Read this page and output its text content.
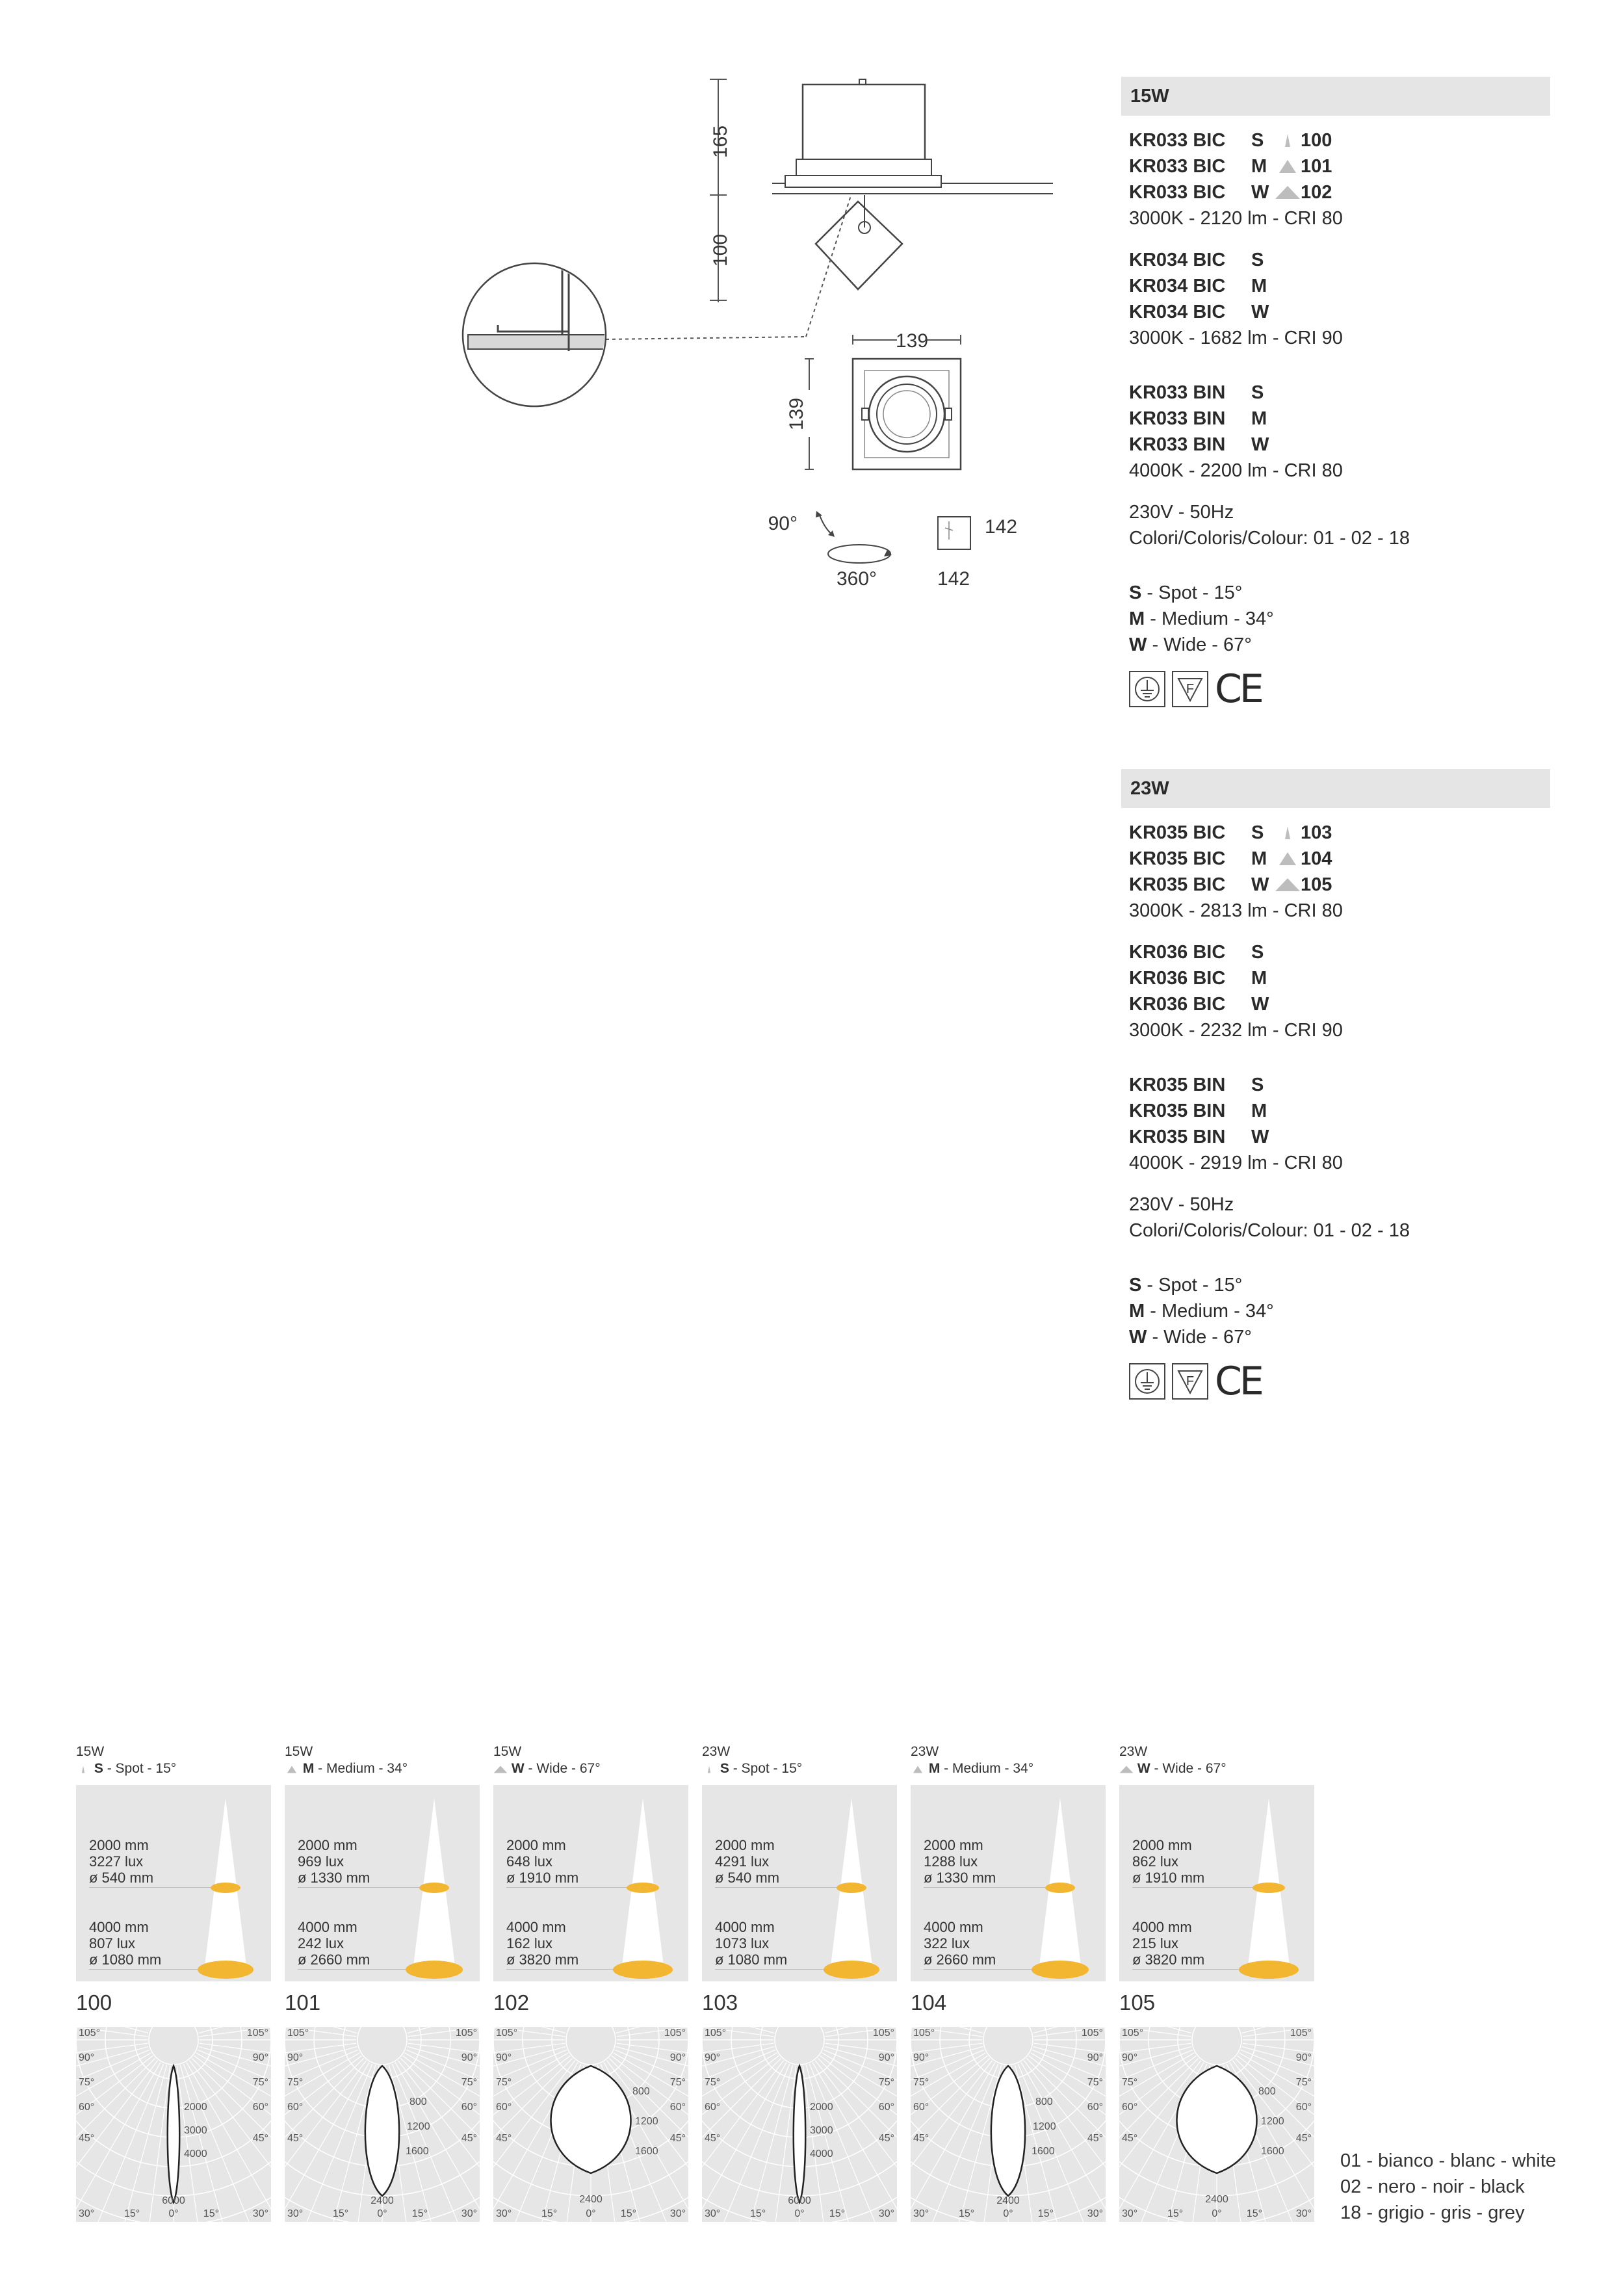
165
100
139
139
90°
360°
142
142
15W
KR033 BIC S 100
KR033 BIC M 101
KR033 BIC W 102
3000K - 2120 lm - CRI 80
KR034 BIC S
KR034 BIC M
KR034 BIC W
3000K - 1682 lm - CRI 90
KR033 BIN S
KR033 BIN M
KR033 BIN W
4000K - 2200 lm - CRI 80
230V - 50Hz
Colori/Coloris/Colour: 01 - 02 - 18
S - Spot - 15°
M - Medium - 34°
W - Wide - 67°
F CE
23W
KR035 BIC S 103
KR035 BIC M 104
KR035 BIC W 105
3000K - 2813 lm - CRI 80
KR036 BIC S
KR036 BIC M
KR036 BIC W
3000K - 2232 lm - CRI 90
KR035 BIN S
KR035 BIN M
KR035 BIN W
4000K - 2919 lm - CRI 80
230V - 50Hz
Colori/Coloris/Colour: 01 - 02 - 18
S - Spot - 15°
M - Medium - 34°
W - Wide - 67°
F CE
15W
S - Spot - 15°
2000 mm
3227 lux
ø 540 mm
4000 mm
807 lux
ø 1080 mm
100
105°	105°
90°	90°
75°	75°
60°	60°
45°	45°
30°	30°
15°	15°
0°
2000
3000
4000
6000
15W
M - Medium - 34°
2000 mm
969 lux
ø 1330 mm
4000 mm
242 lux
ø 2660 mm
101
105°	105°
90°	90°
75°	75°
60°	60°
45°	45°
30°	30°
15°	15°
0°
800
1200
1600
2400
15W
W - Wide - 67°
2000 mm
648 lux
ø 1910 mm
4000 mm
162 lux
ø 3820 mm
102
105°	105°
90°	90°
75°	75°
60°	60°
45°	45°
30°	30°
15°	15°
0°
800
1200
1600
2400
23W
S - Spot - 15°
2000 mm
4291 lux
ø 540 mm
4000 mm
1073 lux
ø 1080 mm
103
105°	105°
90°	90°
75°	75°
60°	60°
45°	45°
30°	30°
15°	15°
0°
2000
3000
4000
6000
23W
M - Medium - 34°
2000 mm
1288 lux
ø 1330 mm
4000 mm
322 lux
ø 2660 mm
104
105°	105°
90°	90°
75°	75°
60°	60°
45°	45°
30°	30°
15°	15°
0°
800
1200
1600
2400
23W
W - Wide - 67°
2000 mm
862 lux
ø 1910 mm
4000 mm
215 lux
ø 3820 mm
105
105°	105°
90°	90°
75°	75°
60°	60°
45°	45°
30°	30°
15°	15°
0°
800
1200
1600
2400
01 - bianco - blanc - white
02 - nero - noir - black
18 - grigio - gris - grey
